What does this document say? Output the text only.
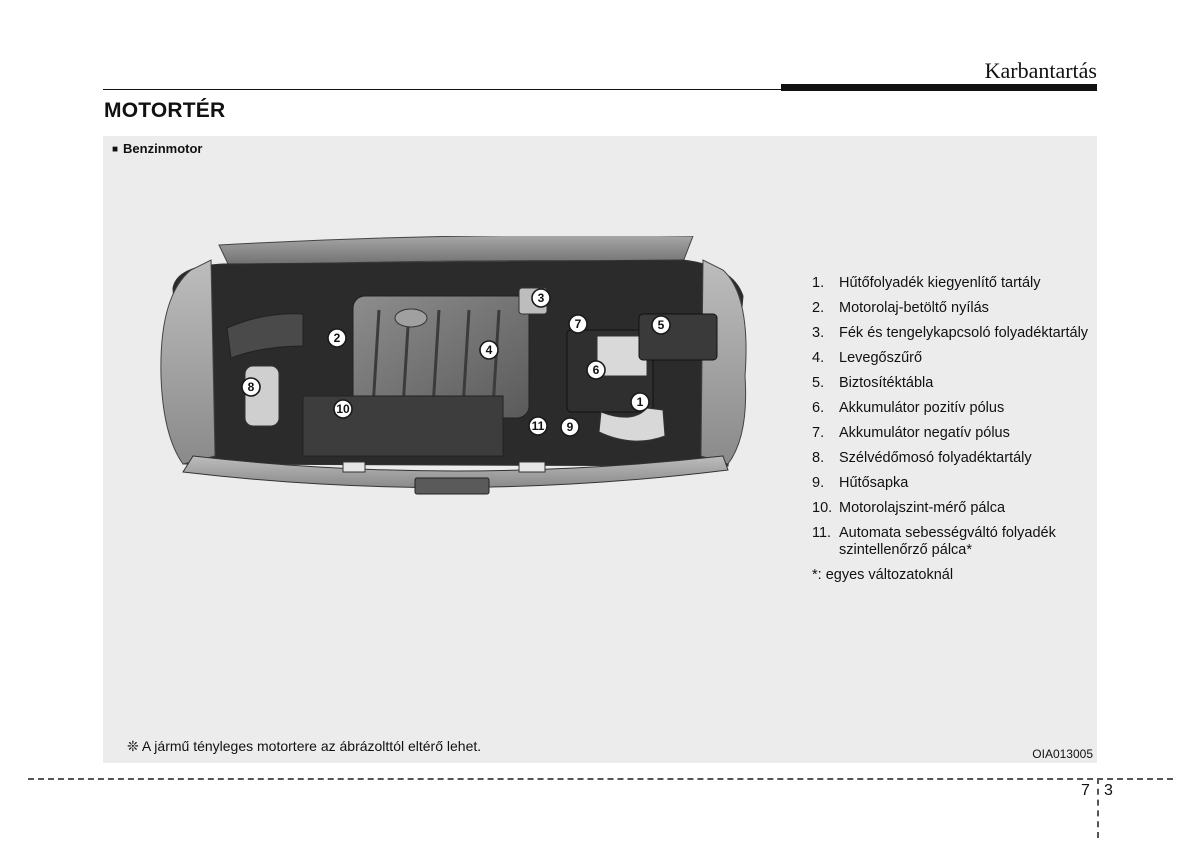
Karbantartás
MOTORTÉR
■ Benzinmotor
1
2
3
4
5
6
7
8
10
11 9
1.	Hűtőfolyadék kiegyenlítő tartály
2.	Motorolaj-betöltő nyílás
3.	Fék és tengelykapcsoló folyadéktartály
4.	Levegőszűrő
5.	Biztosítéktábla
6.	Akkumulátor pozitív pólus
7.	Akkumulátor negatív pólus
8.	Szélvédőmosó folyadéktartály
9.	Hűtősapka
10. Motorolajszint-mérő pálca
11. Automata sebességváltó folyadék szintellenőrző pálca*
*: egyes változatoknál
❊ A jármű tényleges motortere az ábrázolttól eltérő lehet.	OIA013005
7 3
